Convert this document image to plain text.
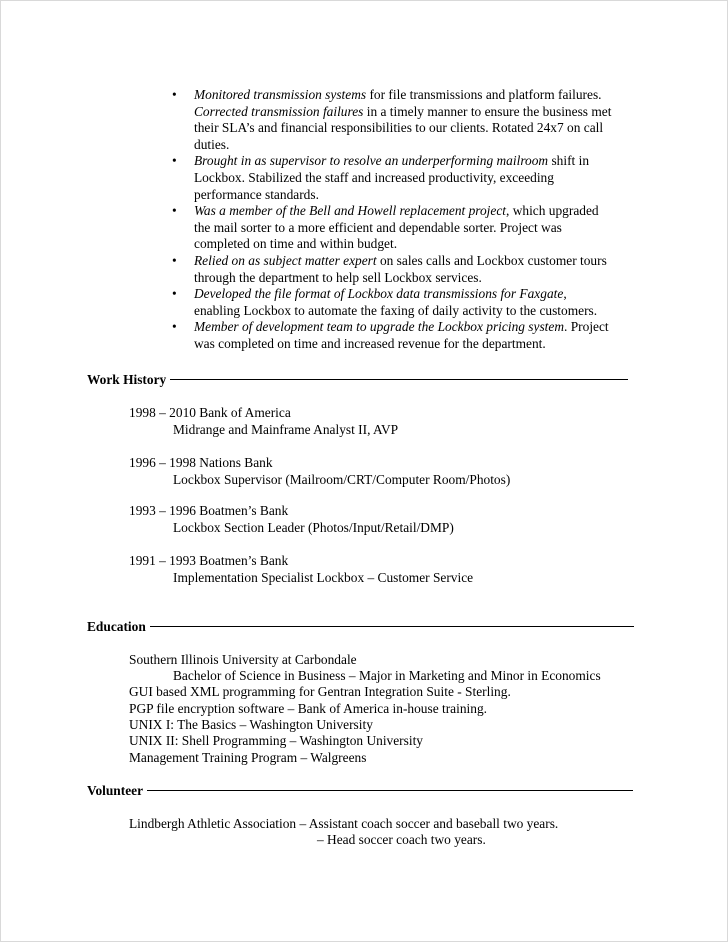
• Monitored transmission systems for file transmissions and platform failures.
Corrected transmission failures in a timely manner to ensure the business met
their SLA’s and financial responsibilities to our clients. Rotated 24x7 on call
duties.
• Brought in as supervisor to resolve an underperforming mailroom shift in
Lockbox. Stabilized the staff and increased productivity, exceeding
performance standards.
• Was a member of the Bell and Howell replacement project, which upgraded
the mail sorter to a more efficient and dependable sorter. Project was
completed on time and within budget.
• Relied on as subject matter expert on sales calls and Lockbox customer tours
through the department to help sell Lockbox services.
• Developed the file format of Lockbox data transmissions for Faxgate,
enabling Lockbox to automate the faxing of daily activity to the customers.
• Member of development team to upgrade the Lockbox pricing system. Project
was completed on time and increased revenue for the department.
Work History
1998 – 2010 Bank of America
Midrange and Mainframe Analyst II, AVP
1996 – 1998 Nations Bank
Lockbox Supervisor (Mailroom/CRT/Computer Room/Photos)
1993 – 1996 Boatmen’s Bank
Lockbox Section Leader (Photos/Input/Retail/DMP)
1991 – 1993 Boatmen’s Bank
Implementation Specialist Lockbox – Customer Service
Education
Southern Illinois University at Carbondale
Bachelor of Science in Business – Major in Marketing and Minor in Economics
GUI based XML programming for Gentran Integration Suite - Sterling.
PGP file encryption software – Bank of America in-house training.
UNIX I: The Basics – Washington University
UNIX II: Shell Programming – Washington University
Management Training Program – Walgreens
Volunteer
Lindbergh Athletic Association – Assistant coach soccer and baseball two years.
– Head soccer coach two years.
